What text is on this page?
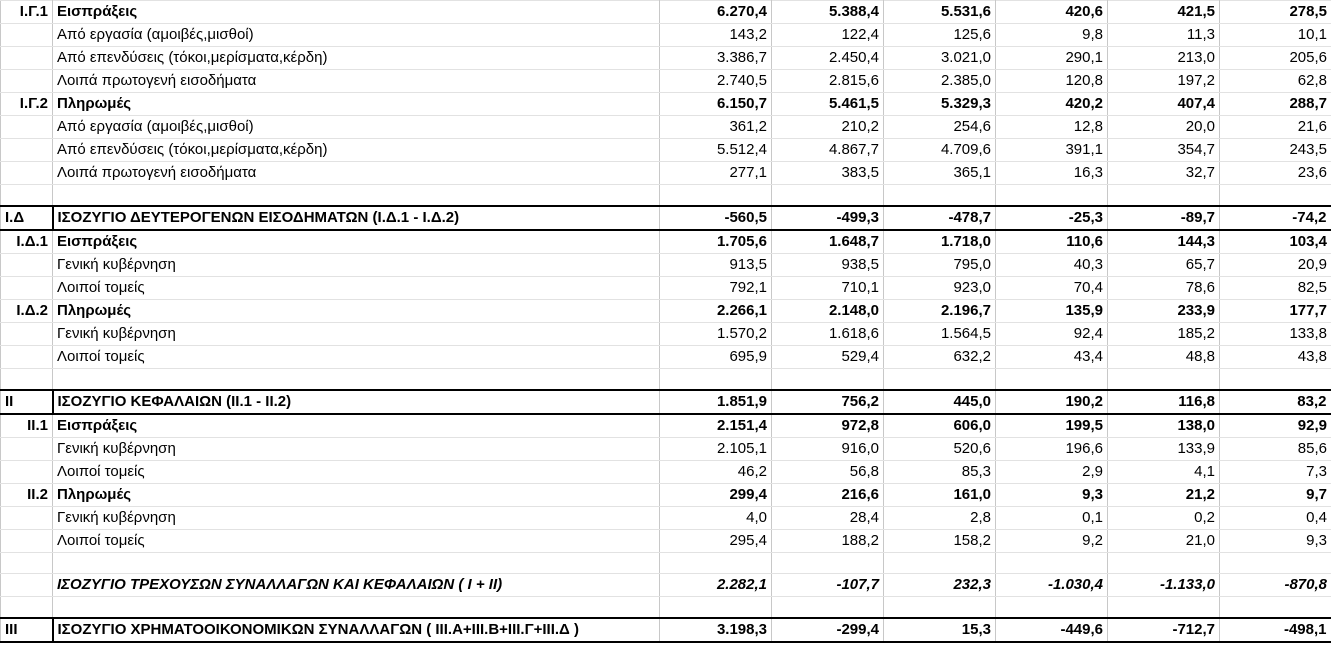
I.Γ.1	Εισπράξεις	6.270,4	5.388,4	5.531,6	420,6	421,5	278,5
	Από εργασία (αμοιβές,μισθοί)	143,2	122,4	125,6	9,8	11,3	10,1
	Από επενδύσεις (τόκοι,μερίσματα,κέρδη)	3.386,7	2.450,4	3.021,0	290,1	213,0	205,6
	Λοιπά πρωτογενή εισοδήματα	2.740,5	2.815,6	2.385,0	120,8	197,2	62,8
I.Γ.2	Πληρωμές	6.150,7	5.461,5	5.329,3	420,2	407,4	288,7
	Από εργασία (αμοιβές,μισθοί)	361,2	210,2	254,6	12,8	20,0	21,6
	Από επενδύσεις (τόκοι,μερίσματα,κέρδη)	5.512,4	4.867,7	4.709,6	391,1	354,7	243,5
	Λοιπά πρωτογενή εισοδήματα	277,1	383,5	365,1	16,3	32,7	23,6

I.Δ	ΙΣΟΖΥΓΙΟ ΔΕΥΤΕΡΟΓΕΝΩΝ ΕΙΣΟΔΗΜΑΤΩΝ (Ι.Δ.1 - Ι.Δ.2)	-560,5	-499,3	-478,7	-25,3	-89,7	-74,2
I.Δ.1	Εισπράξεις	1.705,6	1.648,7	1.718,0	110,6	144,3	103,4
	Γενική κυβέρνηση	913,5	938,5	795,0	40,3	65,7	20,9
	Λοιποί τομείς	792,1	710,1	923,0	70,4	78,6	82,5
I.Δ.2	Πληρωμές	2.266,1	2.148,0	2.196,7	135,9	233,9	177,7
	Γενική κυβέρνηση	1.570,2	1.618,6	1.564,5	92,4	185,2	133,8
	Λοιποί τομείς	695,9	529,4	632,2	43,4	48,8	43,8

II	ΙΣΟΖΥΓΙΟ ΚΕΦΑΛΑΙΩΝ (ΙΙ.1 - ΙΙ.2)	1.851,9	756,2	445,0	190,2	116,8	83,2
II.1	Εισπράξεις	2.151,4	972,8	606,0	199,5	138,0	92,9
	Γενική κυβέρνηση	2.105,1	916,0	520,6	196,6	133,9	85,6
	Λοιποί τομείς	46,2	56,8	85,3	2,9	4,1	7,3
II.2	Πληρωμές	299,4	216,6	161,0	9,3	21,2	9,7
	Γενική κυβέρνηση	4,0	28,4	2,8	0,1	0,2	0,4
	Λοιποί τομείς	295,4	188,2	158,2	9,2	21,0	9,3

	ΙΣΟΖΥΓΙΟ ΤΡΕΧΟΥΣΩΝ ΣΥΝΑΛΛΑΓΩΝ ΚΑΙ ΚΕΦΑΛΑΙΩΝ ( Ι + ΙΙ)	2.282,1	-107,7	232,3	-1.030,4	-1.133,0	-870,8

III	ΙΣΟΖΥΓΙΟ ΧΡΗΜΑΤΟΟΙΚΟΝΟΜΙΚΩΝ ΣΥΝΑΛΛΑΓΩΝ ( ΙΙΙ.Α+ΙΙΙ.Β+ΙΙΙ.Γ+ΙΙΙ.Δ )	3.198,3	-299,4	15,3	-449,6	-712,7	-498,1
